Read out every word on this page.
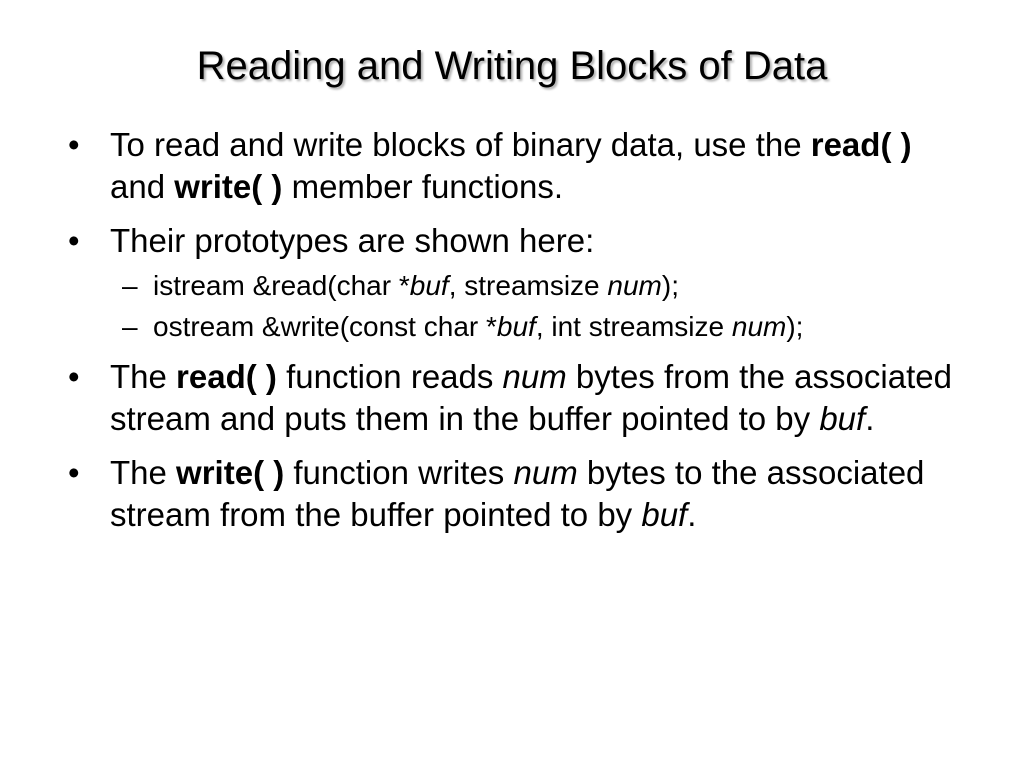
Reading and Writing Blocks of Data
• To read and write blocks of binary data, use the read( ) and write( ) member functions.
• Their prototypes are shown here:
– istream &read(char *buf, streamsize num);
– ostream &write(const char *buf, int streamsize num);
• The read( ) function reads num bytes from the associated stream and puts them in the buffer pointed to by buf.
• The write( ) function writes num bytes to the associated stream from the buffer pointed to by buf.
